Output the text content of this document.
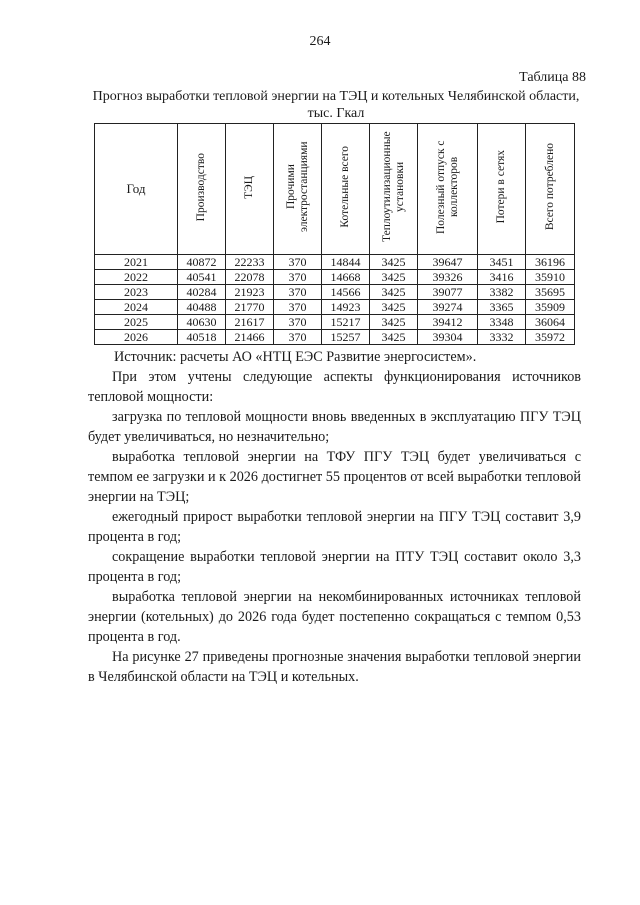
264
Таблица 88
Прогноз выработки тепловой энергии на ТЭЦ и котельных Челябинской области, тыс. Гкал
Год	Производство	ТЭЦ	Прочими электростанциями	Котельные всего	Теплоутилизационные установки	Полезный отпуск с коллекторов	Потери в сетях	Всего потреблено
2021	40872	22233	370	14844	3425	39647	3451	36196
2022	40541	22078	370	14668	3425	39326	3416	35910
2023	40284	21923	370	14566	3425	39077	3382	35695
2024	40488	21770	370	14923	3425	39274	3365	35909
2025	40630	21617	370	15217	3425	39412	3348	36064
2026	40518	21466	370	15257	3425	39304	3332	35972

Источник: расчеты АО «НТЦ ЕЭС Развитие энергосистем».

При этом учтены следующие аспекты функционирования источников тепловой мощности:

загрузка по тепловой мощности вновь введенных в эксплуатацию ПГУ ТЭЦ будет увеличиваться, но незначительно;

выработка тепловой энергии на ТФУ ПГУ ТЭЦ будет увеличиваться с темпом ее загрузки и к 2026 достигнет 55 процентов от всей выработки тепловой энергии на ТЭЦ;

ежегодный прирост выработки тепловой энергии на ПГУ ТЭЦ составит 3,9 процента в год;

сокращение выработки тепловой энергии на ПТУ ТЭЦ составит около 3,3 процента в год;

выработка тепловой энергии на некомбинированных источниках тепловой энергии (котельных) до 2026 года будет постепенно сокращаться с темпом 0,53 процента в год.

На рисунке 27 приведены прогнозные значения выработки тепловой энергии в Челябинской области на ТЭЦ и котельных.
